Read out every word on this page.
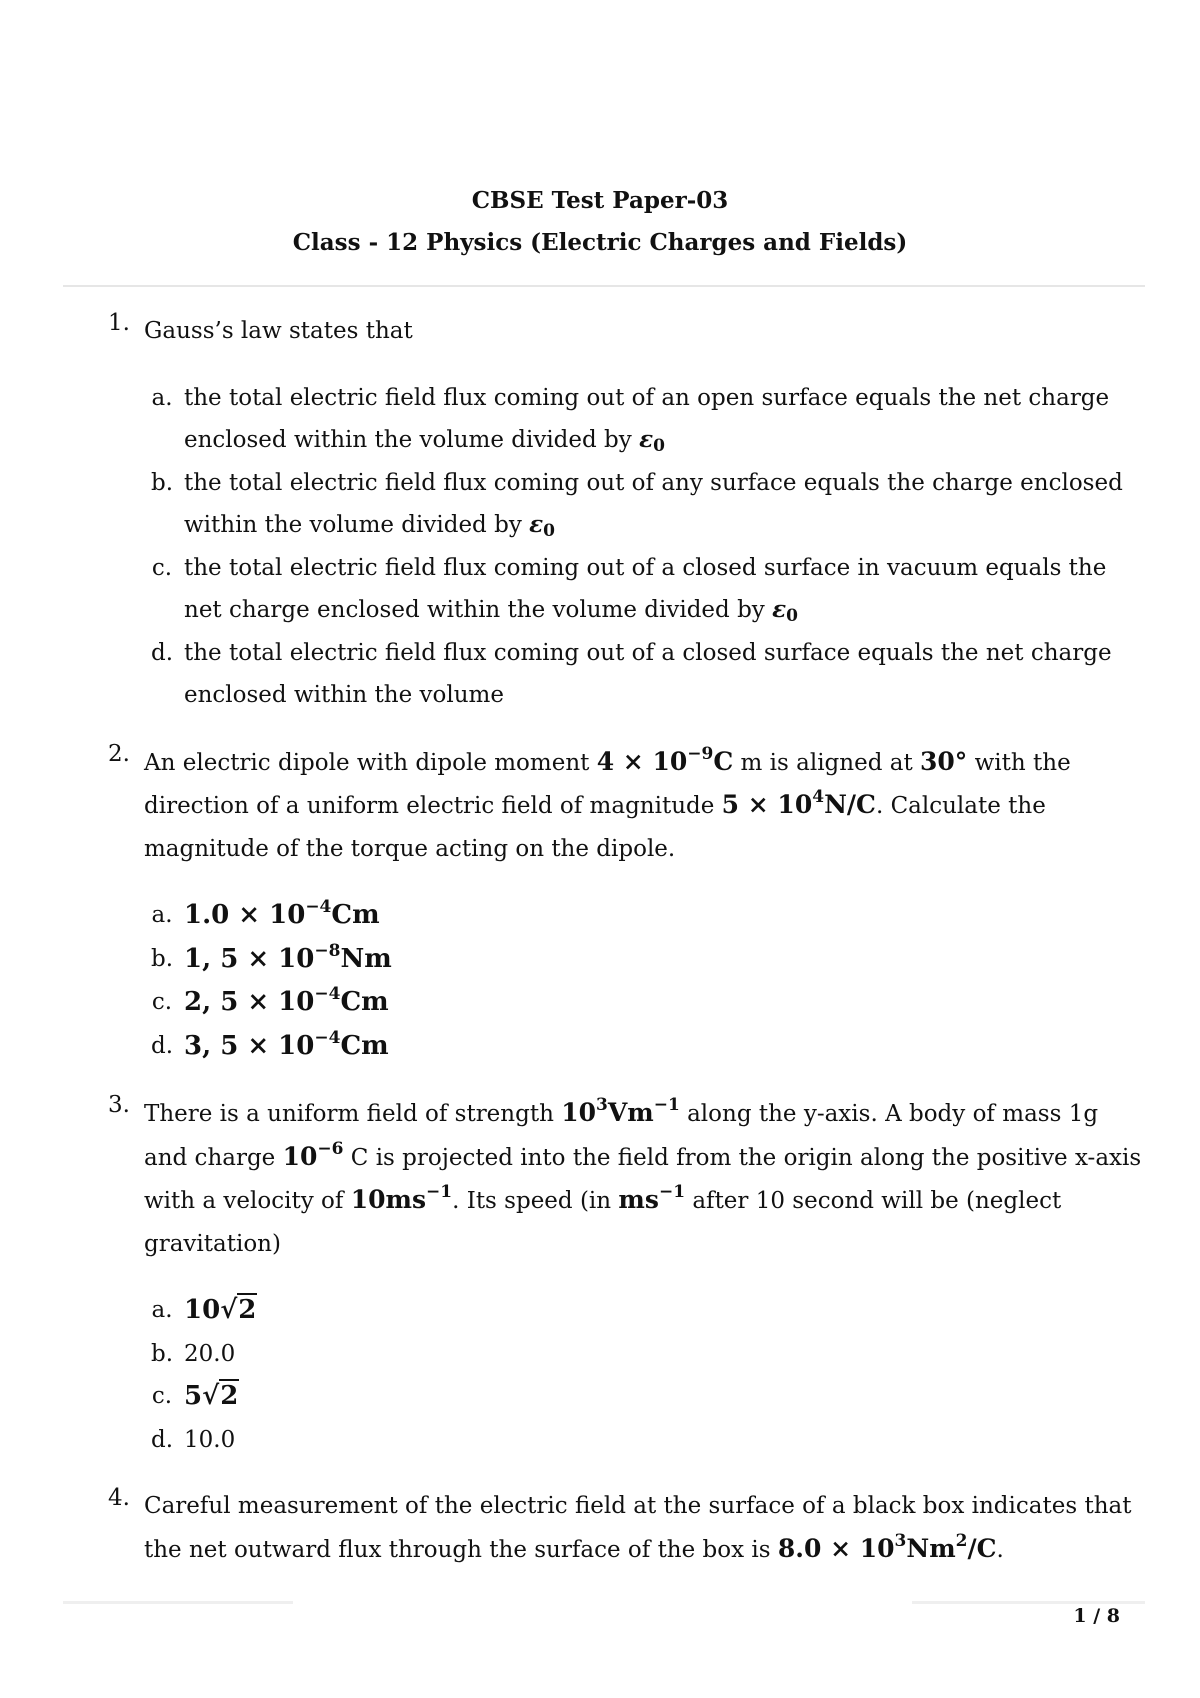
CBSE Test Paper-03
Class - 12 Physics (Electric Charges and Fields)
1. Gauss’s law states that
a. the total electric field flux coming out of an open surface equals the net charge enclosed within the volume divided by $\varepsilon_0$
b. the total electric field flux coming out of any surface equals the charge enclosed within the volume divided by $\varepsilon_0$
c. the total electric field flux coming out of a closed surface in vacuum equals the net charge enclosed within the volume divided by $\varepsilon_0$
d. the total electric field flux coming out of a closed surface equals the net charge enclosed within the volume
2. An electric dipole with dipole moment $4 \times 10^{-9}C$ m is aligned at 30° with the direction of a uniform electric field of magnitude $5 \times 10^4N/C$. Calculate the magnitude of the torque acting on the dipole.
a. $1.0 \times 10^{-4}Cm$
b. 1, $5 \times 10^{-8}Nm$
c. 2, $5 \times 10^{-4}Cm$
d. 3, $5 \times 10^{-4}Cm$
3. There is a uniform field of strength $10^3Vm^{-1}$ along the y-axis. A body of mass 1g and charge $10^{-6}$ C is projected into the field from the origin along the positive x-axis with a velocity of $10ms^{-1}$. Its speed (in $ms^{-1}$ after 10 second will be (neglect gravitation)
a. 10√2
b. 20.0
c. 5√2
d. 10.0
4. Careful measurement of the electric field at the surface of a black box indicates that the net outward flux through the surface of the box is $8.0 \times 10^3Nm^2/C$.
1 / 8
